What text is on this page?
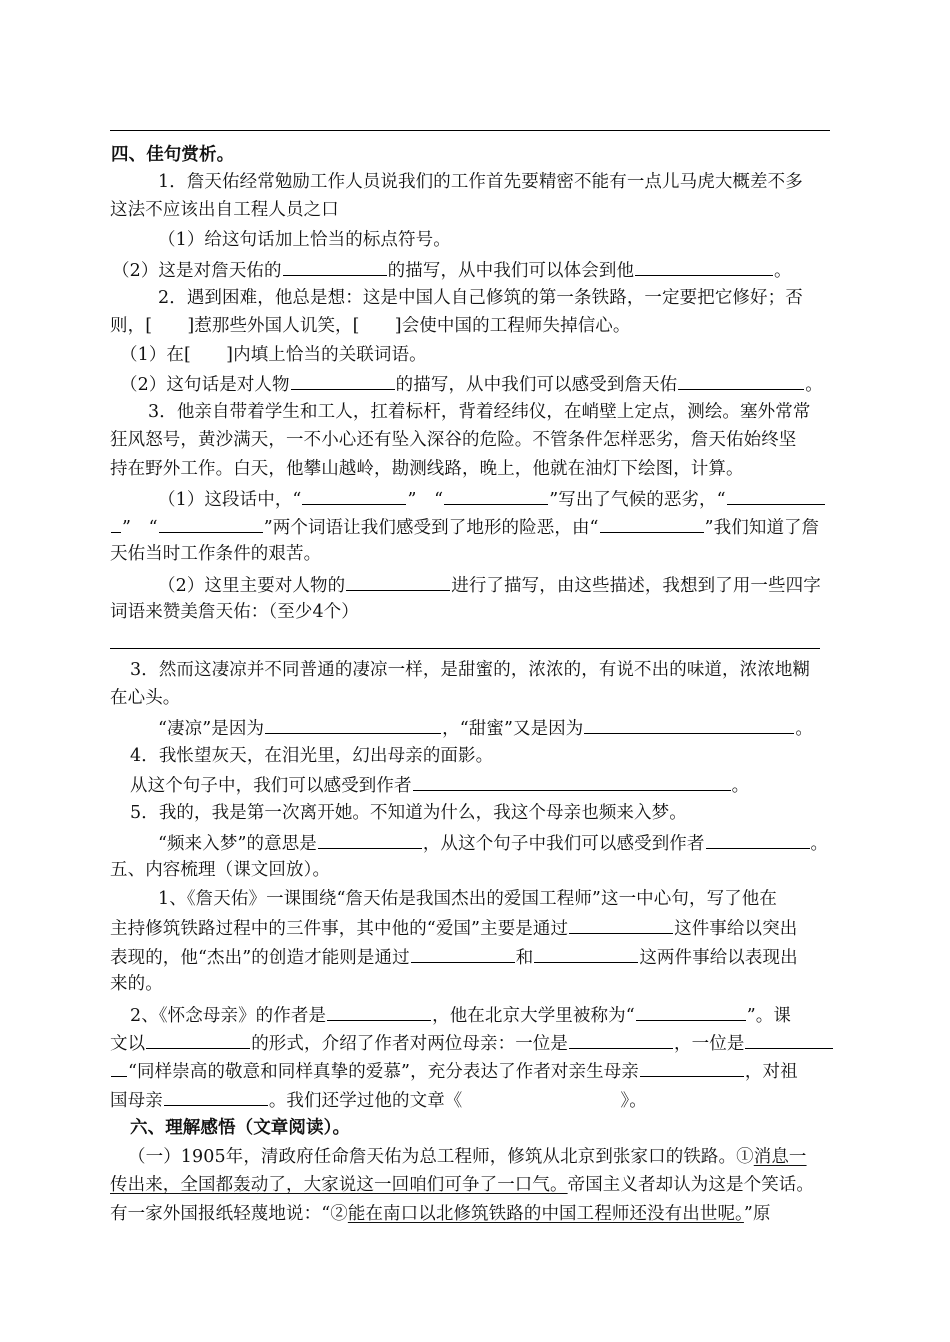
四、佳句赏析。
1．詹天佑经常勉励工作人员说我们的工作首先要精密不能有一点儿马虎大概差不多
这法不应该出自工程人员之口
（1）给这句话加上恰当的标点符号。
（2）这是对詹天佑的	的描写，从中我们可以体会到他	。
2．遇到困难，他总是想：这是中国人自己修筑的第一条铁路，一定要把它修好；否
则，[　　]惹那些外国人讥笑，[　　]会使中国的工程师失掉信心。
（1）在[　　]内填上恰当的关联词语。
（2）这句话是对人物	的描写，从中我们可以感受到詹天佑	。
3．他亲自带着学生和工人，扛着标杆，背着经纬仪，在峭壁上定点，测绘。塞外常常
狂风怒号，黄沙满天，一不小心还有坠入深谷的危险。不管条件怎样恶劣，詹天佑始终坚
持在野外工作。白天，他攀山越岭，勘测线路，晚上，他就在油灯下绘图，计算。
（1）这段话中，“	”　“	”写出了气候的恶劣，“
”　“	”两个词语让我们感受到了地形的险恶，由“	”我们知道了詹
天佑当时工作条件的艰苦。
（2）这里主要对人物的	进行了描写，由这些描述，我想到了用一些四字
词语来赞美詹天佑：（至少4个）
3．然而这凄凉并不同普通的凄凉一样，是甜蜜的，浓浓的，有说不出的味道，浓浓地糊
在心头。
“凄凉”是因为	，“甜蜜”又是因为	。
4．我怅望灰天，在泪光里，幻出母亲的面影。
从这个句子中，我们可以感受到作者	。
5．我的，我是第一次离开她。不知道为什么，我这个母亲也频来入梦。
“频来入梦”的意思是	，从这个句子中我们可以感受到作者	。
五、内容梳理（课文回放）。
1、《詹天佑》一课围绕“詹天佑是我国杰出的爱国工程师”这一中心句，写了他在
主持修筑铁路过程中的三件事，其中他的“爱国”主要是通过	这件事给以突出
表现的，他“杰出”的创造才能则是通过	和	这两件事给以表现出
来的。
2、《怀念母亲》的作者是	，他在北京大学里被称为“	”。课
文以	的形式，介绍了作者对两位母亲：一位是	，一位是
“同样崇高的敬意和同样真挚的爱慕”，充分表达了作者对亲生母亲	，对祖
国母亲	。我们还学过他的文章《	》。
六、理解感悟（文章阅读）。
（一）1905年，清政府任命詹天佑为总工程师，修筑从北京到张家口的铁路。①消息一
传出来，全国都轰动了，大家说这一回咱们可争了一口气。帝国主义者却认为这是个笑话。
有一家外国报纸轻蔑地说：“②能在南口以北修筑铁路的中国工程师还没有出世呢。”原
